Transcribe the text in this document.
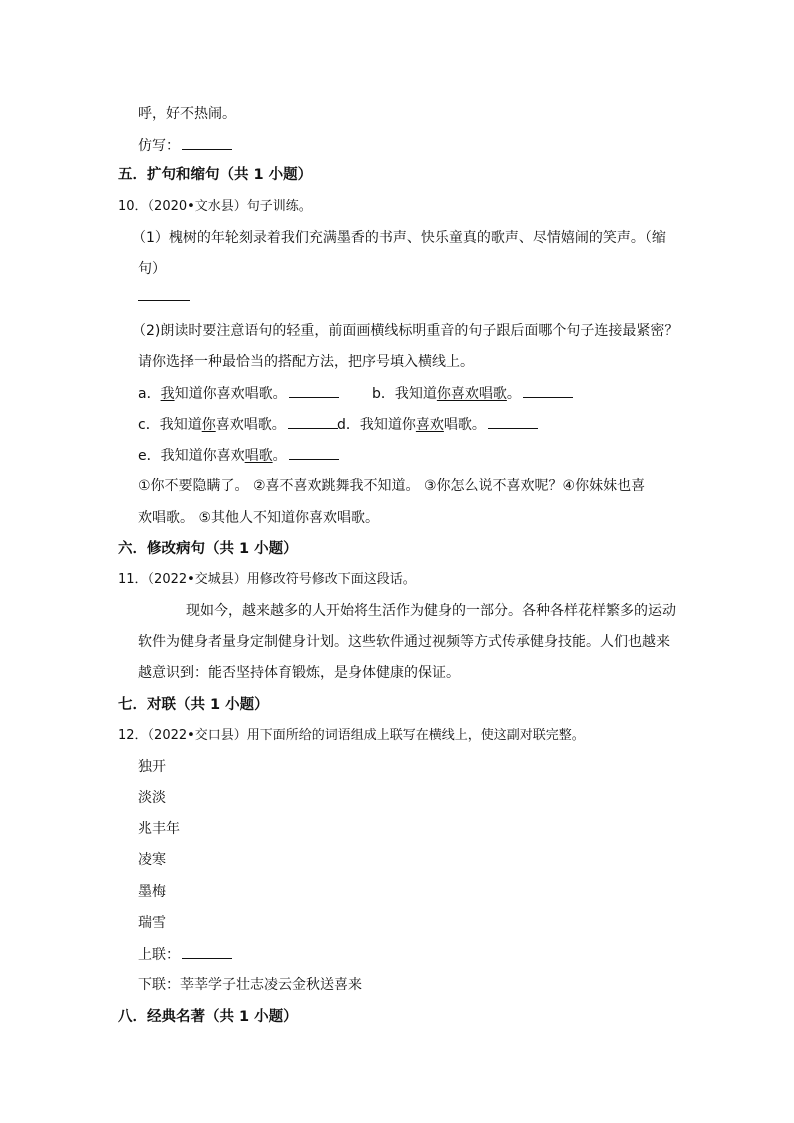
呼，好不热闹。
仿写：
五．扩句和缩句（共 1 小题）
10．（2020•文水县）句子训练。
（1）槐树的年轮刻录着我们充满墨香的书声、快乐童真的歌声、尽情嬉闹的笑声。（缩
句）
（2)朗读时要注意语句的轻重，前面画横线标明重音的句子跟后面哪个句子连接最紧密？
请你选择一种最恰当的搭配方法，把序号填入横线上。
a．我知道你喜欢唱歌。	b．我知道你喜欢唱歌。
c．我知道你喜欢唱歌。	d．我知道你喜欢唱歌。
e．我知道你喜欢唱歌。
①你不要隐瞒了。 ②喜不喜欢跳舞我不知道。 ③你怎么说不喜欢呢？④你妹妹也喜
欢唱歌。 ⑤其他人不知道你喜欢唱歌。
六．修改病句（共 1 小题）
11．（2022•交城县）用修改符号修改下面这段话。
现如今，越来越多的人开始将生活作为健身的一部分。各种各样花样繁多的运动
软件为健身者量身定制健身计划。这些软件通过视频等方式传承健身技能。人们也越来
越意识到：能否坚持体育锻炼，是身体健康的保证。
七．对联（共 1 小题）
12．（2022•交口县）用下面所给的词语组成上联写在横线上，使这副对联完整。
独开
淡淡
兆丰年
凌寒
墨梅
瑞雪
上联：
下联：莘莘学子壮志凌云金秋送喜来
八．经典名著（共 1 小题）
